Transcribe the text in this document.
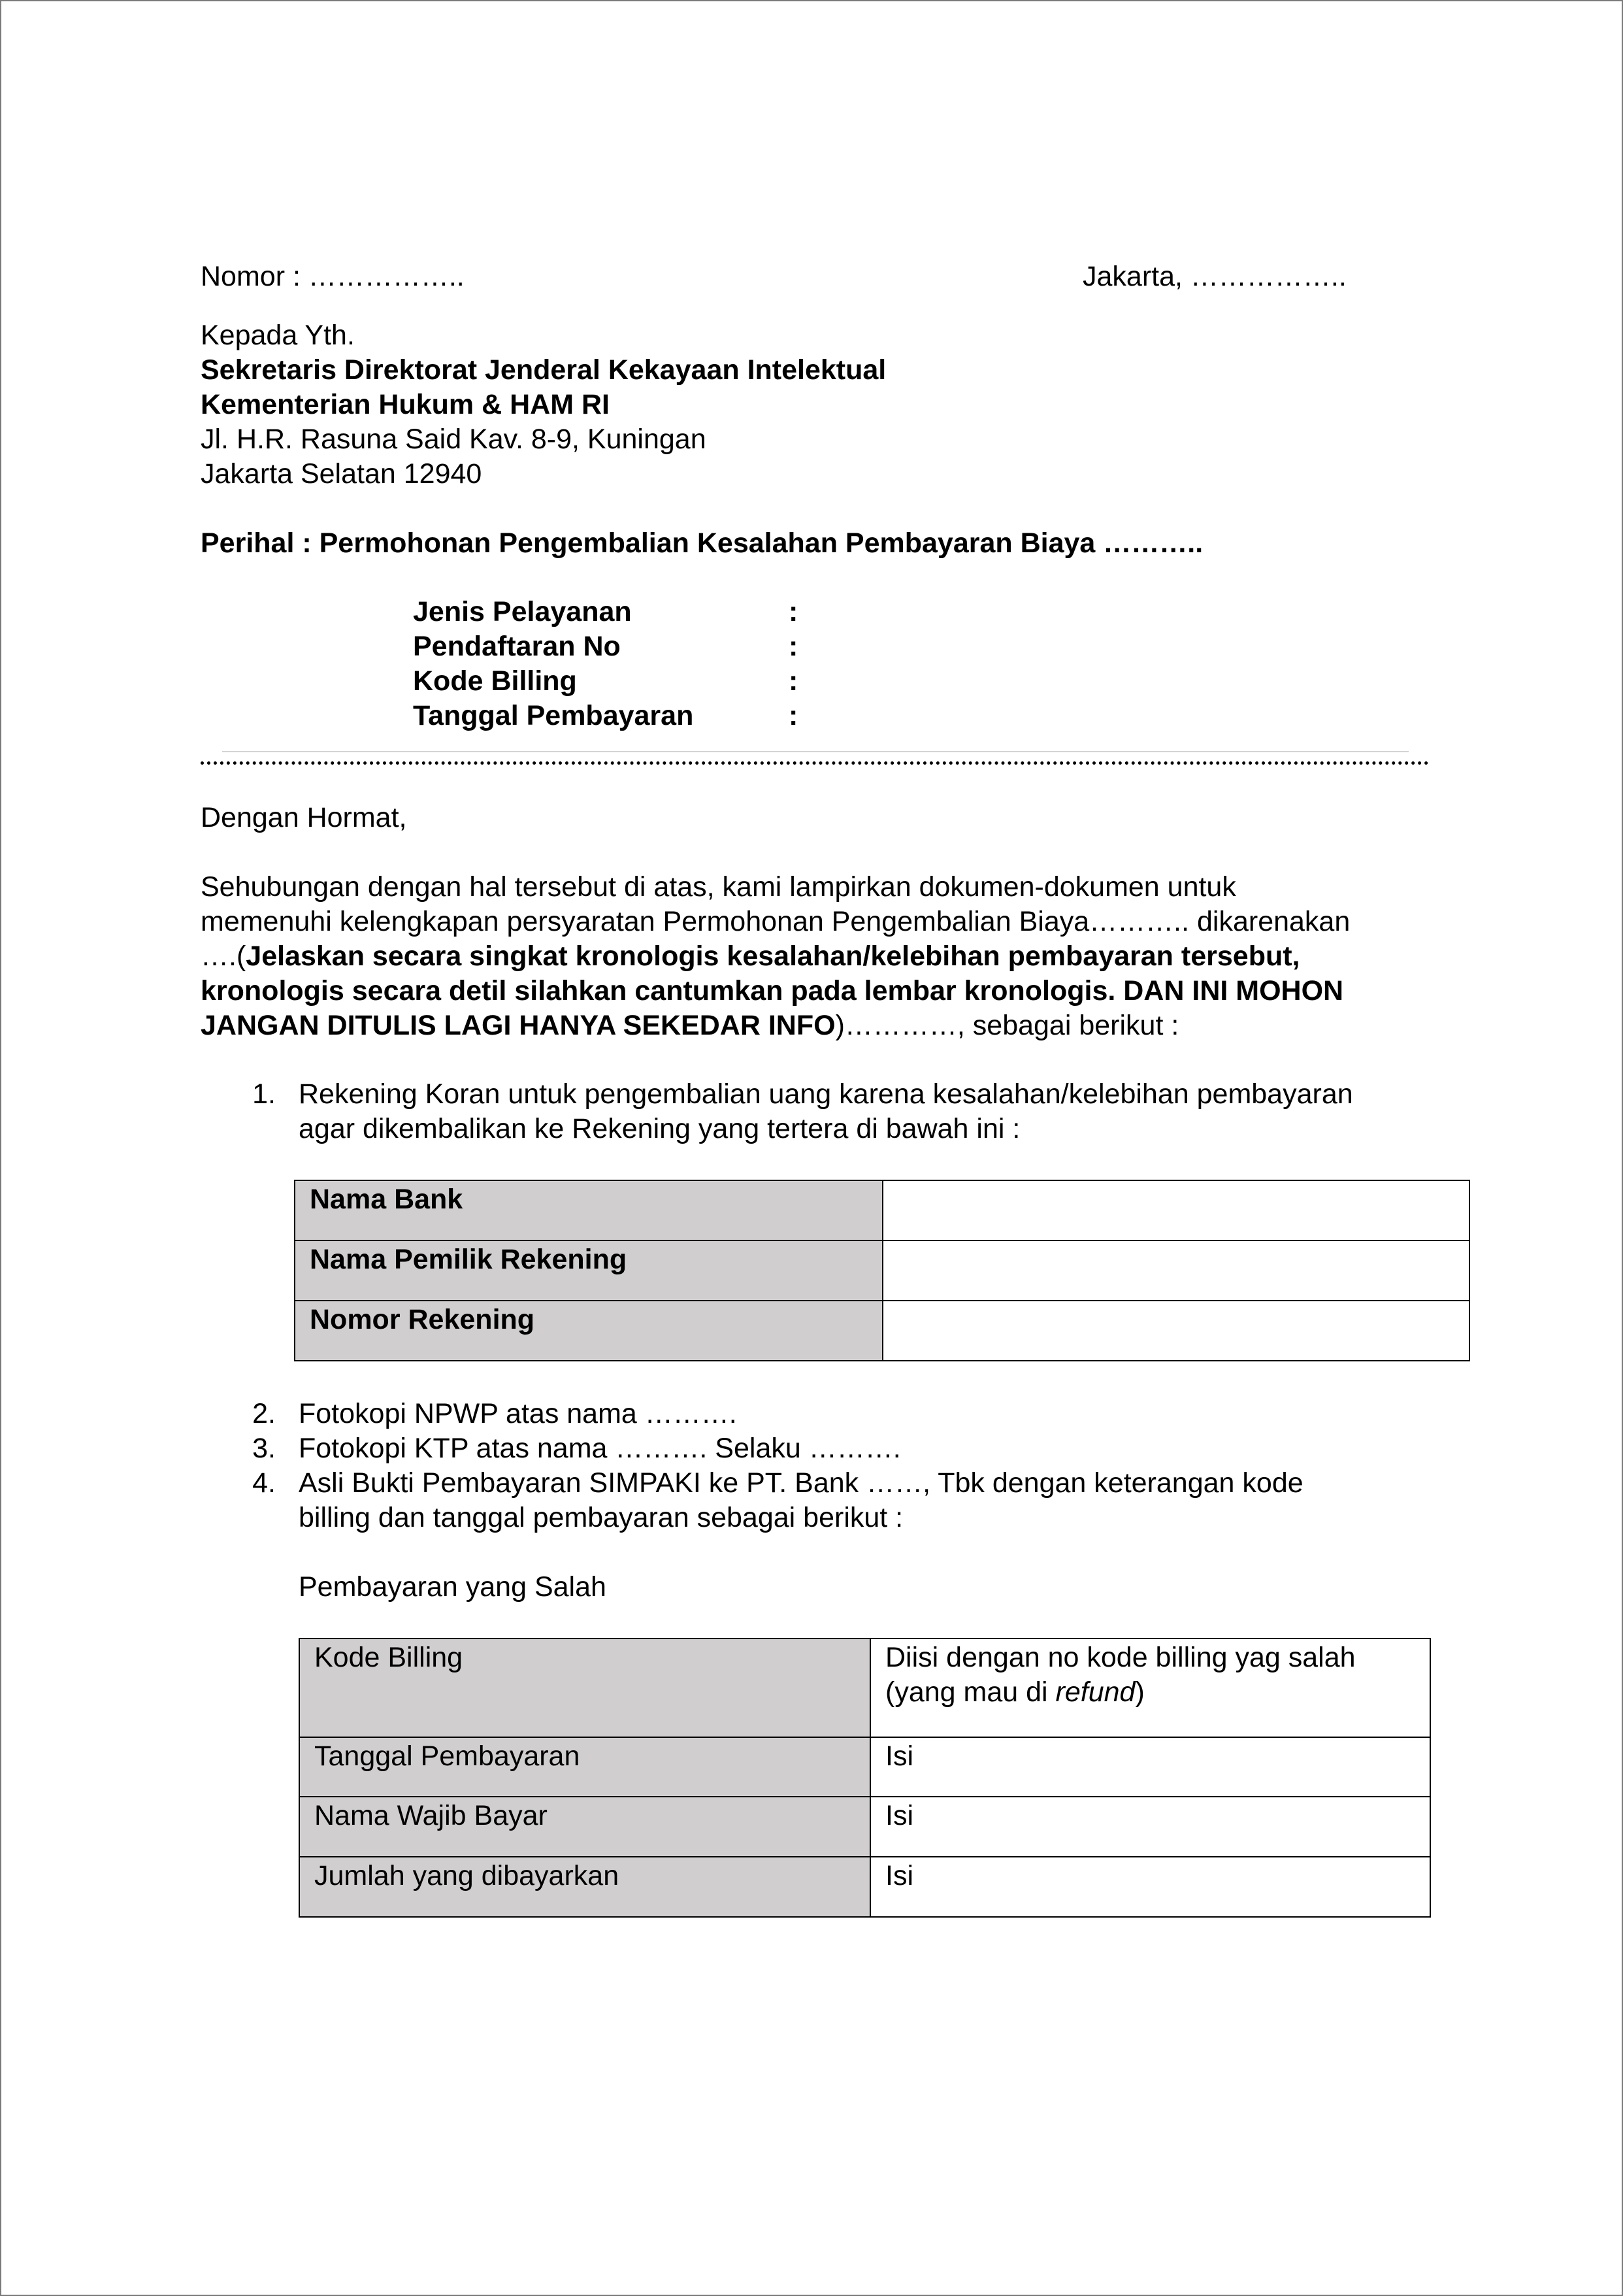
Nomor : ……………..	Jakarta, ……………..
Kepada Yth.
Sekretaris Direktorat Jenderal Kekayaan Intelektual
Kementerian Hukum & HAM RI
Jl. H.R. Rasuna Said Kav. 8-9, Kuningan
Jakarta Selatan 12940
Perihal : Permohonan Pengembalian Kesalahan Pembayaran Biaya ………..
Jenis Pelayanan	:
Pendaftaran No	:
Kode Billing	:
Tanggal Pembayaran	:
Dengan Hormat,
Sehubungan dengan hal tersebut di atas, kami lampirkan dokumen-dokumen untuk
memenuhi kelengkapan persyaratan Permohonan Pengembalian Biaya……….. dikarenakan
….(Jelaskan secara singkat kronologis kesalahan/kelebihan pembayaran tersebut,
kronologis secara detil silahkan cantumkan pada lembar kronologis. DAN INI MOHON
JANGAN DITULIS LAGI HANYA SEKEDAR INFO)…………, sebagai berikut :
1. Rekening Koran untuk pengembalian uang karena kesalahan/kelebihan pembayaran
agar dikembalikan ke Rekening yang tertera di bawah ini :
Nama Bank	
Nama Pemilik Rekening	
Nomor Rekening	
2. Fotokopi NPWP atas nama ……….
3. Fotokopi KTP atas nama ………. Selaku ……….
4. Asli Bukti Pembayaran SIMPAKI ke PT. Bank ……, Tbk dengan keterangan kode
billing dan tanggal pembayaran sebagai berikut :
Pembayaran yang Salah
Kode Billing	Diisi dengan no kode billing yag salah
(yang mau di refund)

Tanggal Pembayaran	Isi
Nama Wajib Bayar	Isi
Jumlah yang dibayarkan	Isi
